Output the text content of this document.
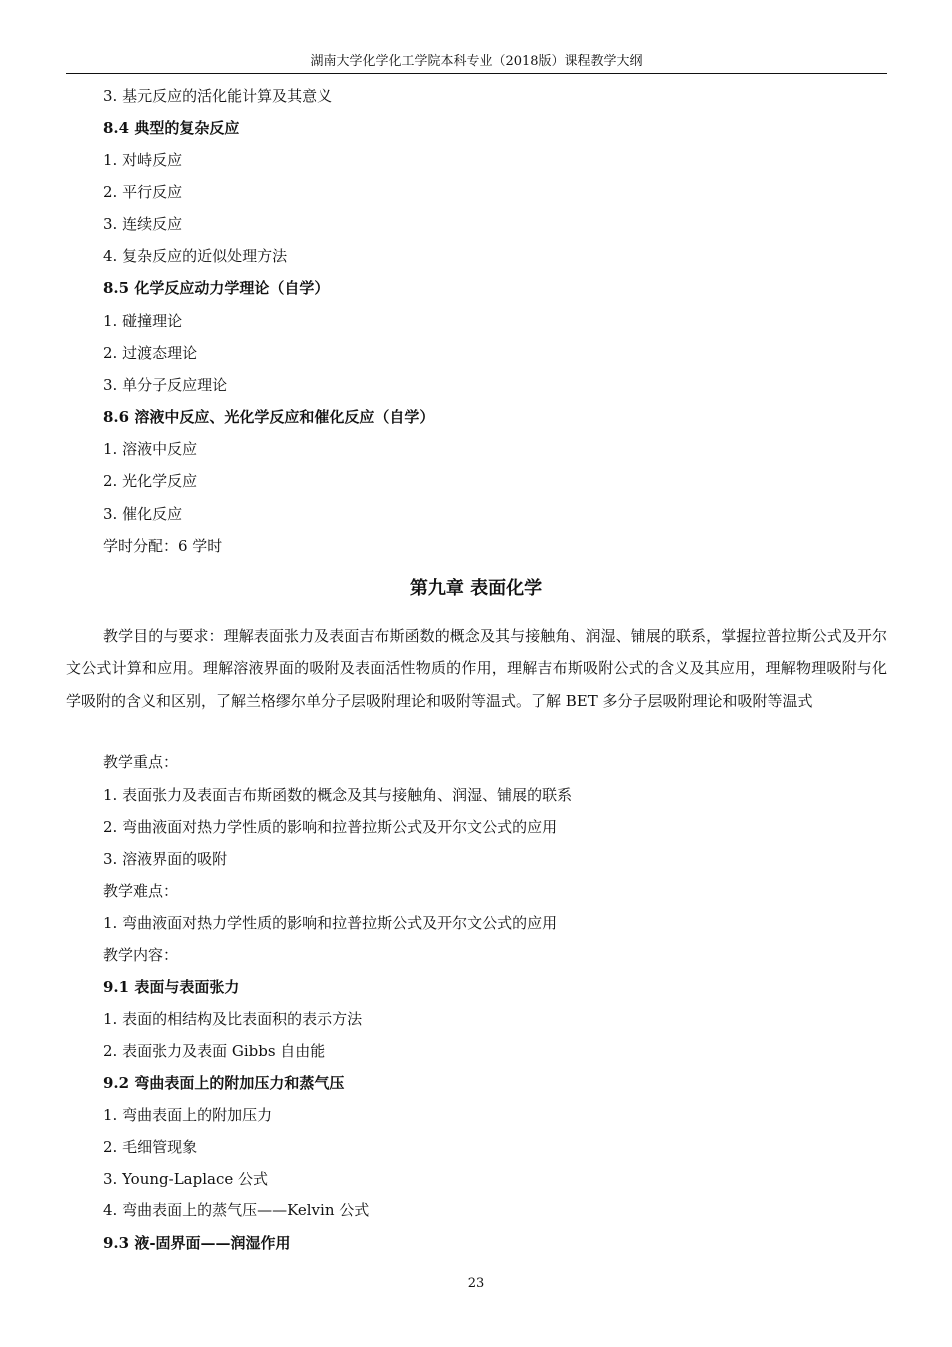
湖南大学化学化工学院本科专业（2018版）课程教学大纲
3. 基元反应的活化能计算及其意义
8.4 典型的复杂反应
1. 对峙反应
2. 平行反应
3. 连续反应
4. 复杂反应的近似处理方法
8.5 化学反应动力学理论（自学）
1. 碰撞理论
2. 过渡态理论
3. 单分子反应理论
8.6 溶液中反应、光化学反应和催化反应（自学）
1. 溶液中反应
2. 光化学反应
3. 催化反应
学时分配：6 学时
第九章 表面化学
教学目的与要求：理解表面张力及表面吉布斯函数的概念及其与接触角、润湿、铺展的联系，掌握拉普拉斯公式及开尔文公式计算和应用。理解溶液界面的吸附及表面活性物质的作用，理解吉布斯吸附公式的含义及其应用，理解物理吸附与化学吸附的含义和区别，了解兰格缪尔单分子层吸附理论和吸附等温式。了解 BET 多分子层吸附理论和吸附等温式
教学重点：
1. 表面张力及表面吉布斯函数的概念及其与接触角、润湿、铺展的联系
2. 弯曲液面对热力学性质的影响和拉普拉斯公式及开尔文公式的应用
3. 溶液界面的吸附
教学难点：
1. 弯曲液面对热力学性质的影响和拉普拉斯公式及开尔文公式的应用
教学内容：
9.1 表面与表面张力
1. 表面的相结构及比表面积的表示方法
2. 表面张力及表面 Gibbs 自由能
9.2 弯曲表面上的附加压力和蒸气压
1. 弯曲表面上的附加压力
2. 毛细管现象
3. Young-Laplace 公式
4. 弯曲表面上的蒸气压——Kelvin 公式
9.3 液-固界面——润湿作用
23
